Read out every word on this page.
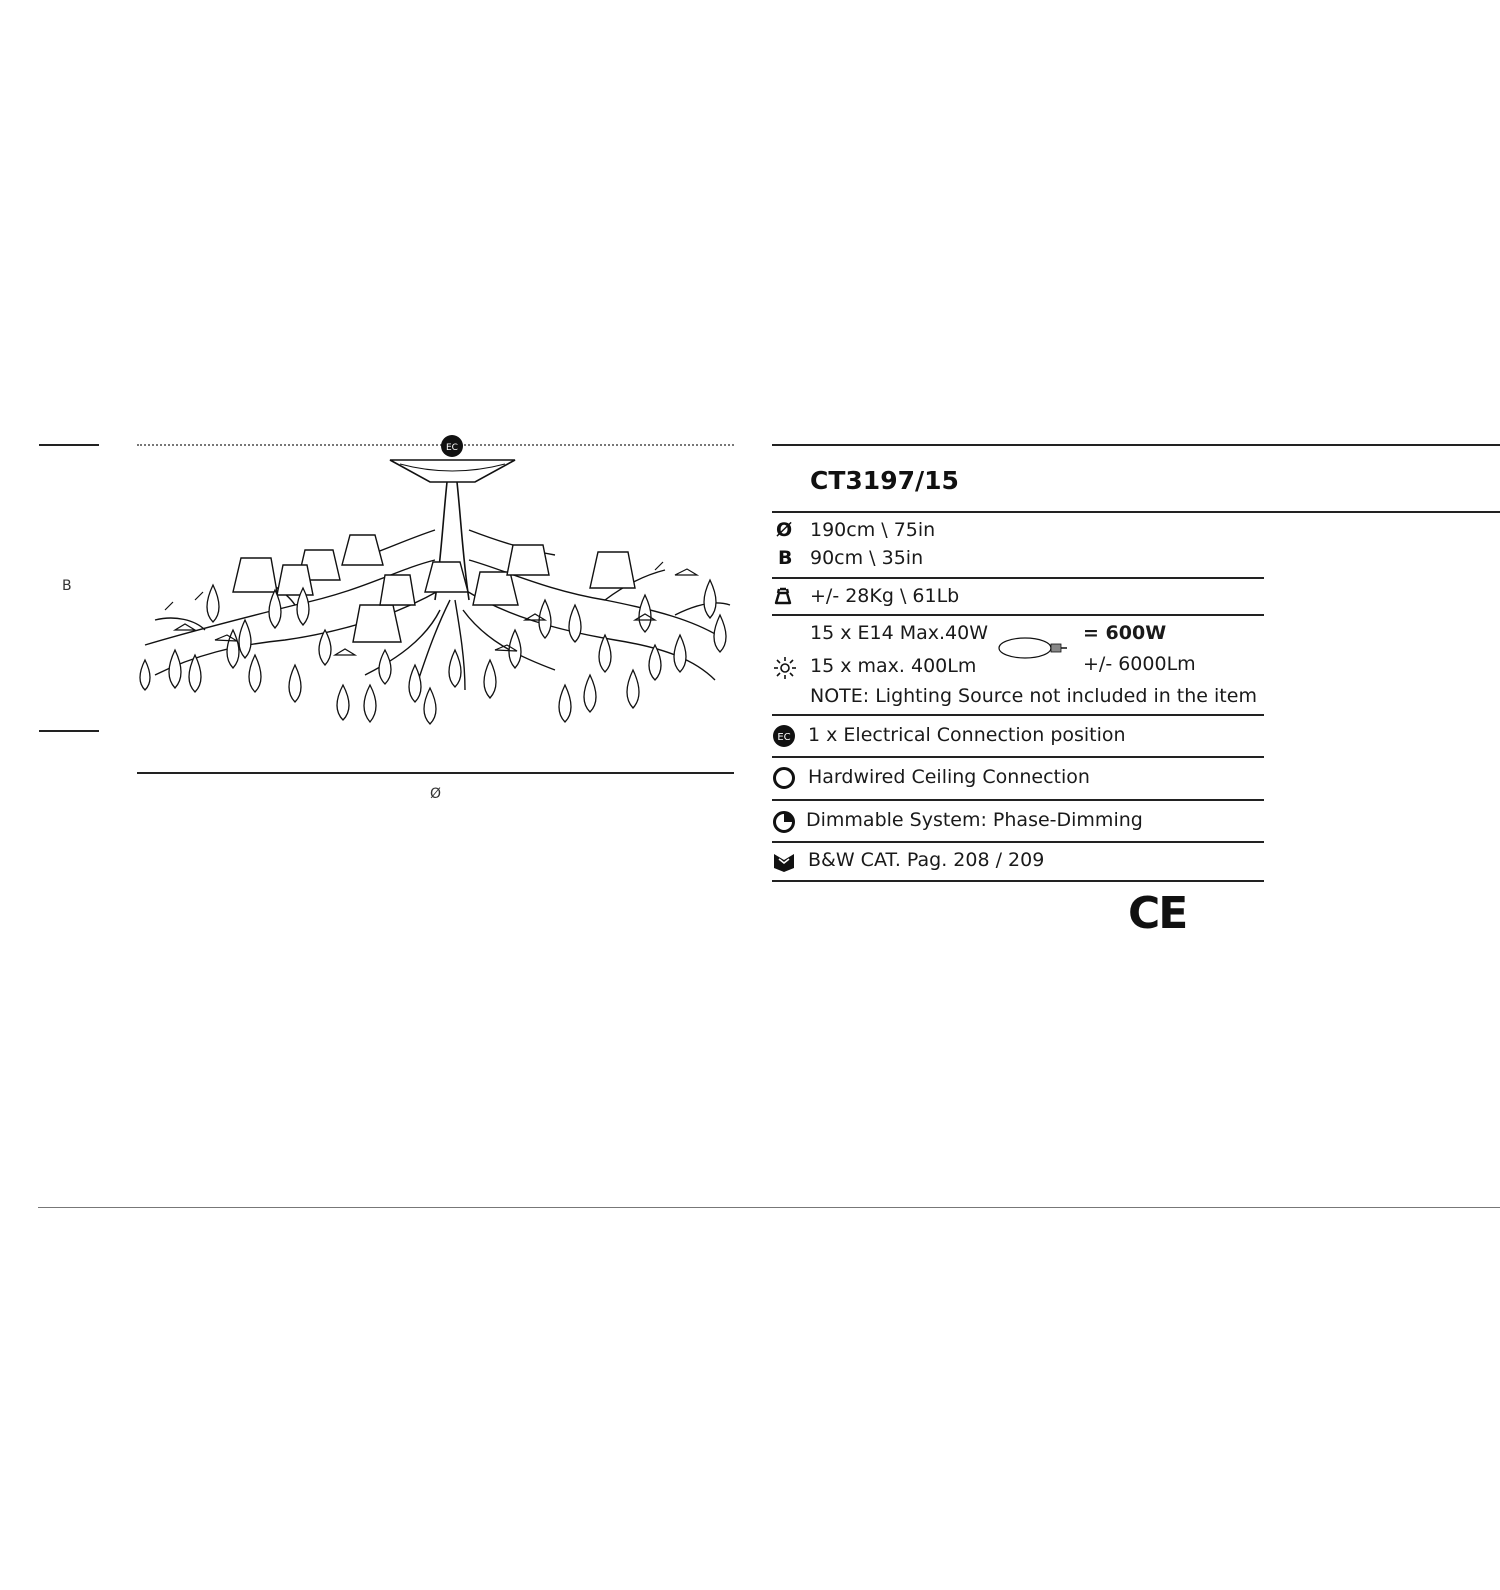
B
Ø
EC
CT3197/15
Ø 190cm \ 75in
B 90cm \ 35in
+/- 28Kg \ 61Lb
15 x E14 Max.40W	= 600W
15 x max. 400Lm	+/- 6000Lm
NOTE: Lighting Source not included in the item
EC 1 x Electrical Connection position
Hardwired Ceiling Connection
Dimmable System: Phase-Dimming
B&W CAT. Pag. 208 / 209
CE
